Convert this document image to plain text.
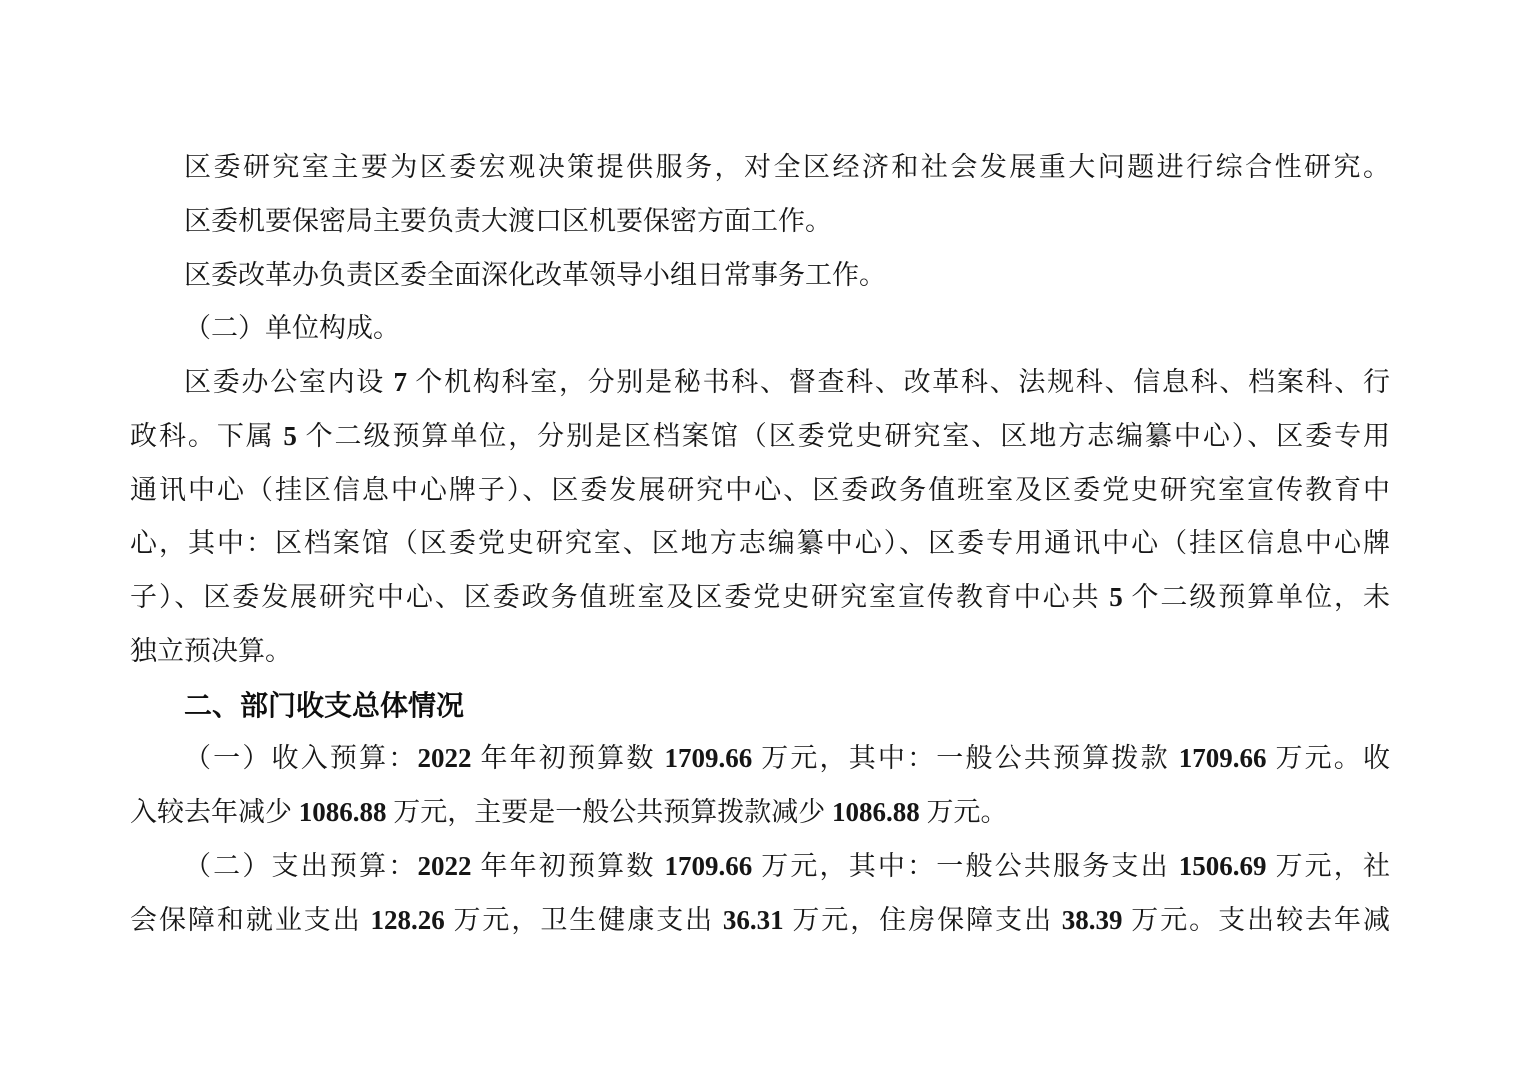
区委研究室主要为区委宏观决策提供服务，对全区经济和社会发展重大问题进行综合性研究。
区委机要保密局主要负责大渡口区机要保密方面工作。
区委改革办负责区委全面深化改革领导小组日常事务工作。
（二）单位构成。
区委办公室内设 7 个机构科室，分别是秘书科、督查科、改革科、法规科、信息科、档案科、行
政科。下属 5 个二级预算单位，分别是区档案馆（区委党史研究室、区地方志编纂中心）、区委专用
通讯中心（挂区信息中心牌子）、区委发展研究中心、区委政务值班室及区委党史研究室宣传教育中
心，其中：区档案馆（区委党史研究室、区地方志编纂中心）、区委专用通讯中心（挂区信息中心牌
子）、区委发展研究中心、区委政务值班室及区委党史研究室宣传教育中心共 5 个二级预算单位，未
独立预决算。
二、部门收支总体情况
（一）收入预算：2022 年年初预算数 1709.66 万元，其中：一般公共预算拨款 1709.66 万元。收
入较去年减少 1086.88 万元，主要是一般公共预算拨款减少 1086.88 万元。
（二）支出预算：2022 年年初预算数 1709.66 万元，其中：一般公共服务支出 1506.69 万元，社
会保障和就业支出 128.26 万元，卫生健康支出 36.31 万元，住房保障支出 38.39 万元。支出较去年减
